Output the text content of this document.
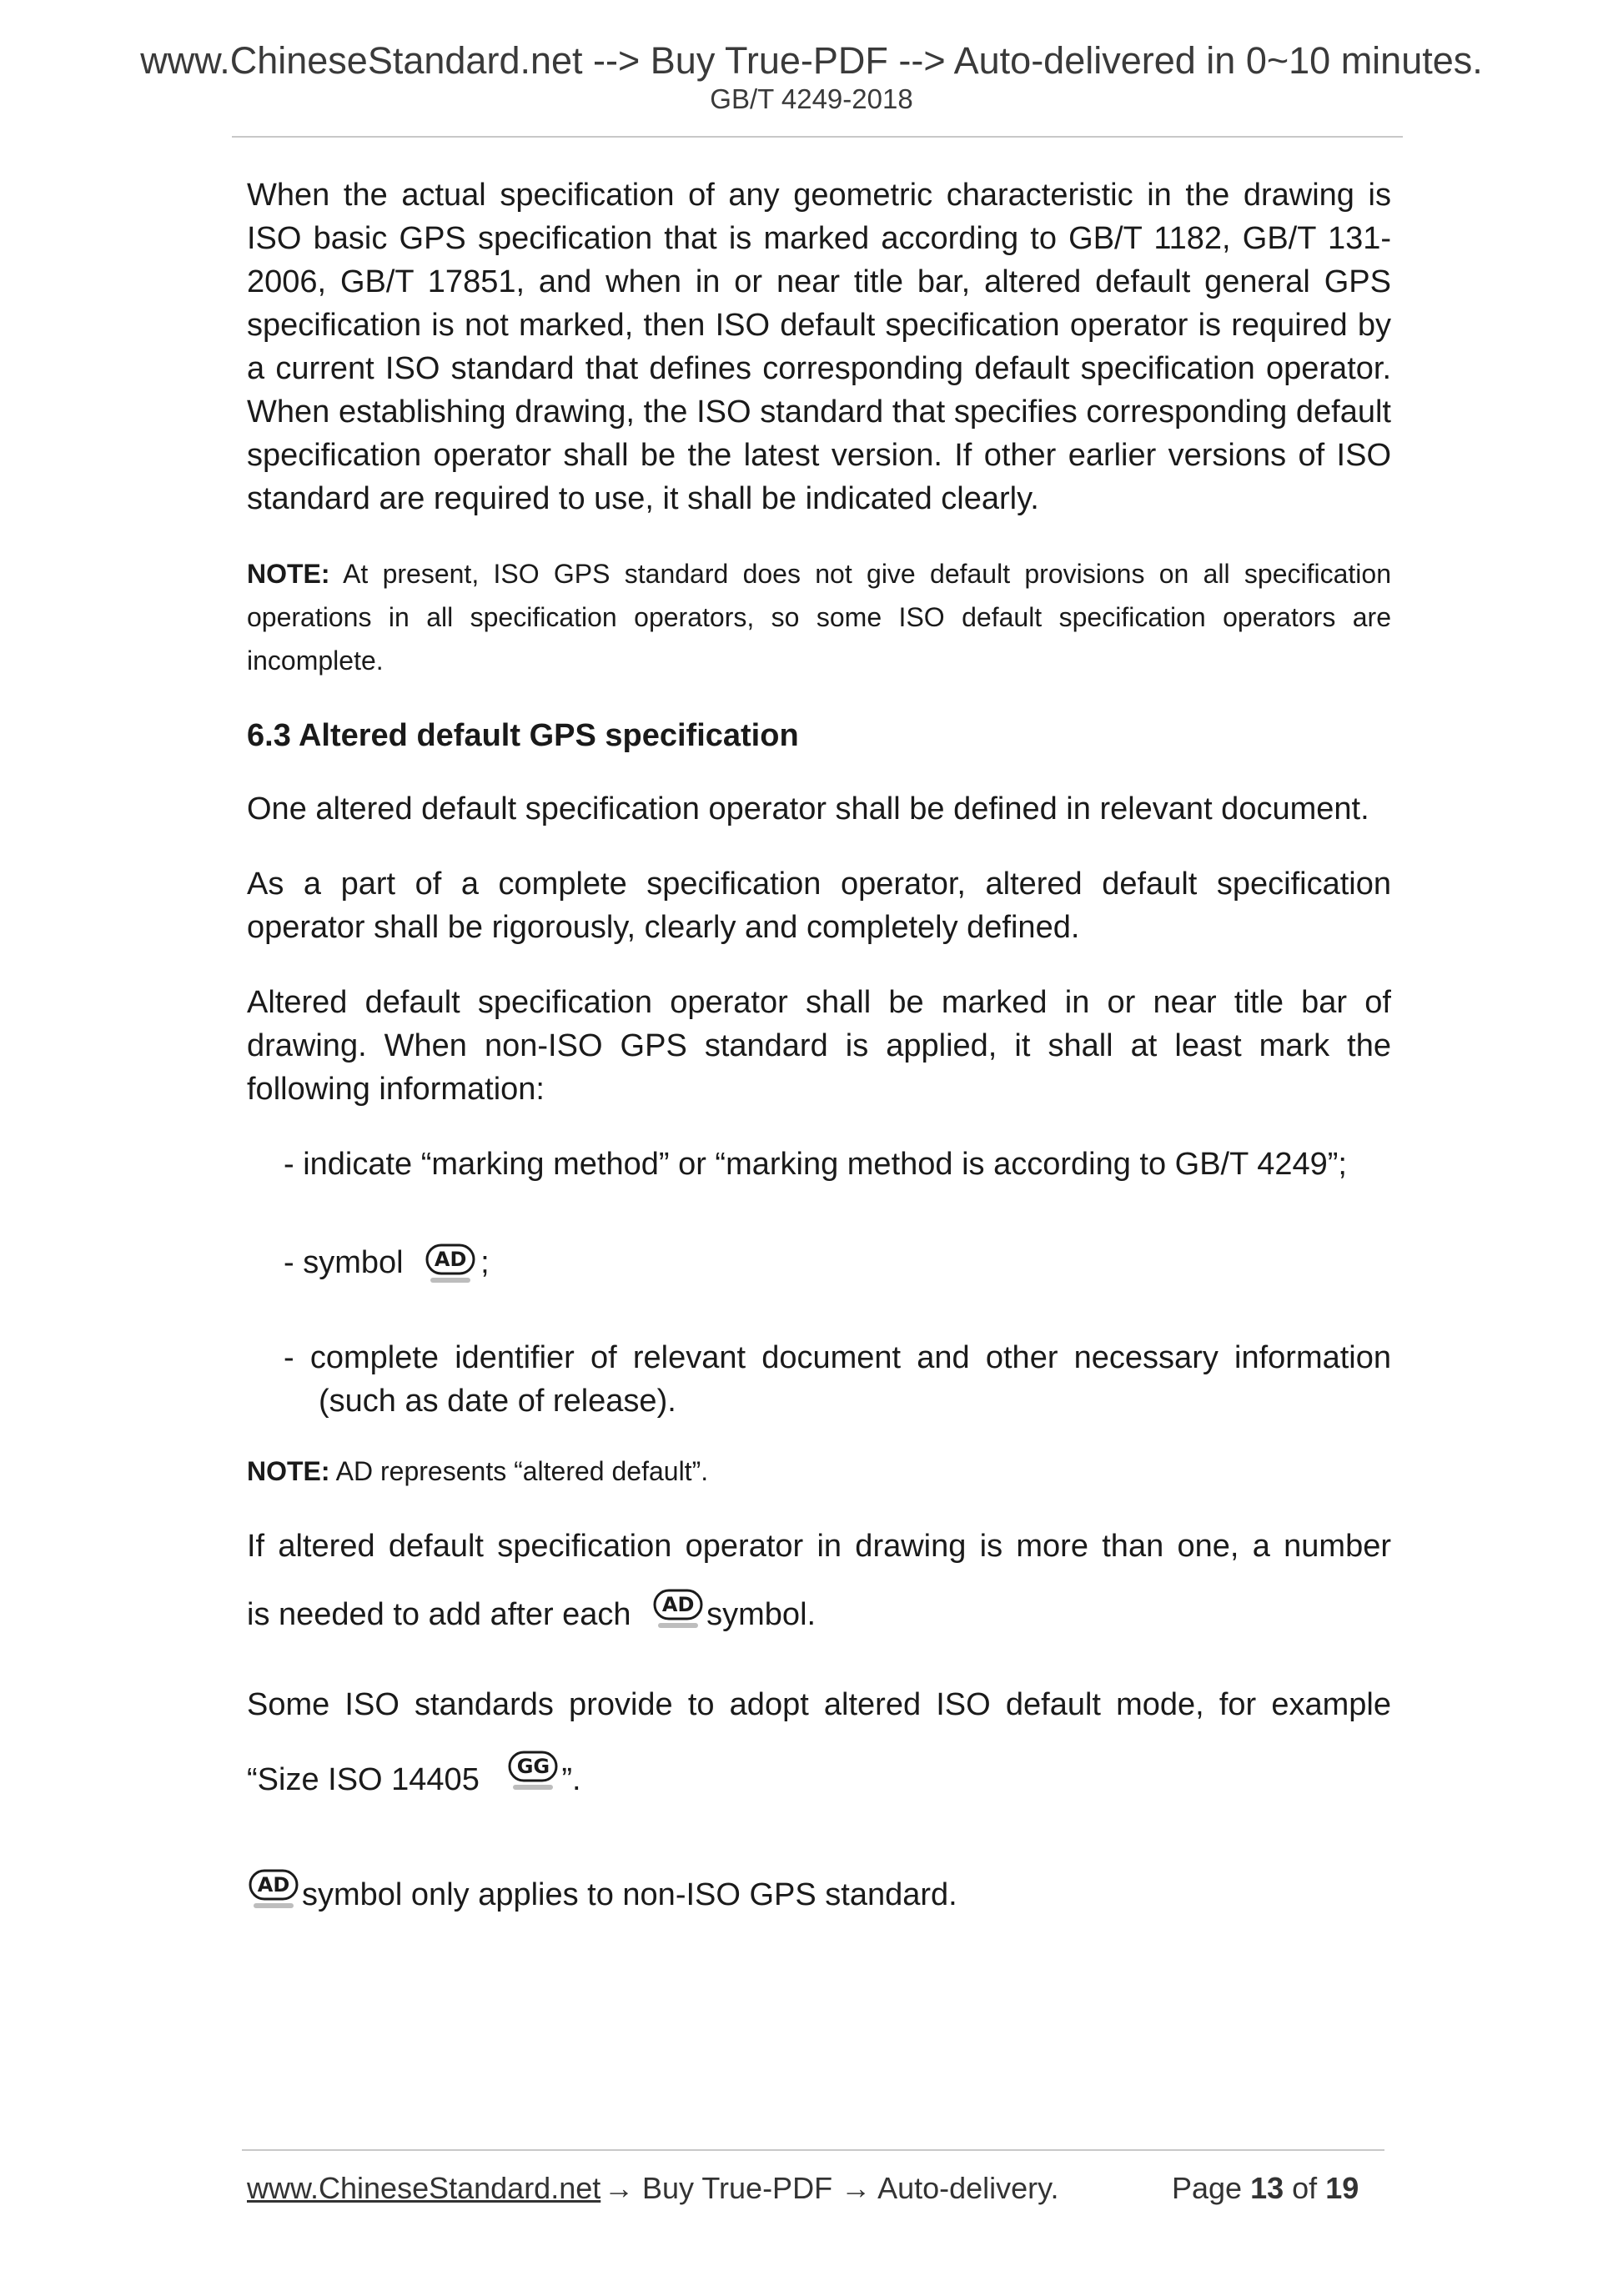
www.ChineseStandard.net --> Buy True-PDF --> Auto-delivered in 0~10 minutes.
GB/T 4249-2018
When the actual specification of any geometric characteristic in the drawing is ISO basic GPS specification that is marked according to GB/T 1182, GB/T 131-2006, GB/T 17851, and when in or near title bar, altered default general GPS specification is not marked, then ISO default specification operator is required by a current ISO standard that defines corresponding default specification operator. When establishing drawing, the ISO standard that specifies corresponding default specification operator shall be the latest version. If other earlier versions of ISO standard are required to use, it shall be indicated clearly.
NOTE: At present, ISO GPS standard does not give default provisions on all specification operations in all specification operators, so some ISO default specification operators are incomplete.
6.3 Altered default GPS specification
One altered default specification operator shall be defined in relevant document.
As a part of a complete specification operator, altered default specification operator shall be rigorously, clearly and completely defined.
Altered default specification operator shall be marked in or near title bar of drawing. When non-ISO GPS standard is applied, it shall at least mark the following information:
- indicate “marking method” or “marking method is according to GB/T 4249”;
- symbol	AD ;
- complete identifier of relevant document and other necessary information
(such as date of release).
NOTE: AD represents “altered default”.
If altered default specification operator in drawing is more than one, a number
is needed to add after each	AD symbol.
Some ISO standards provide to adopt altered ISO default mode, for example
“Size ISO 14405	GG ”.
AD symbol only applies to non-ISO GPS standard.
www.ChineseStandard.net → Buy True-PDF → Auto-delivery.	Page 13 of 19
